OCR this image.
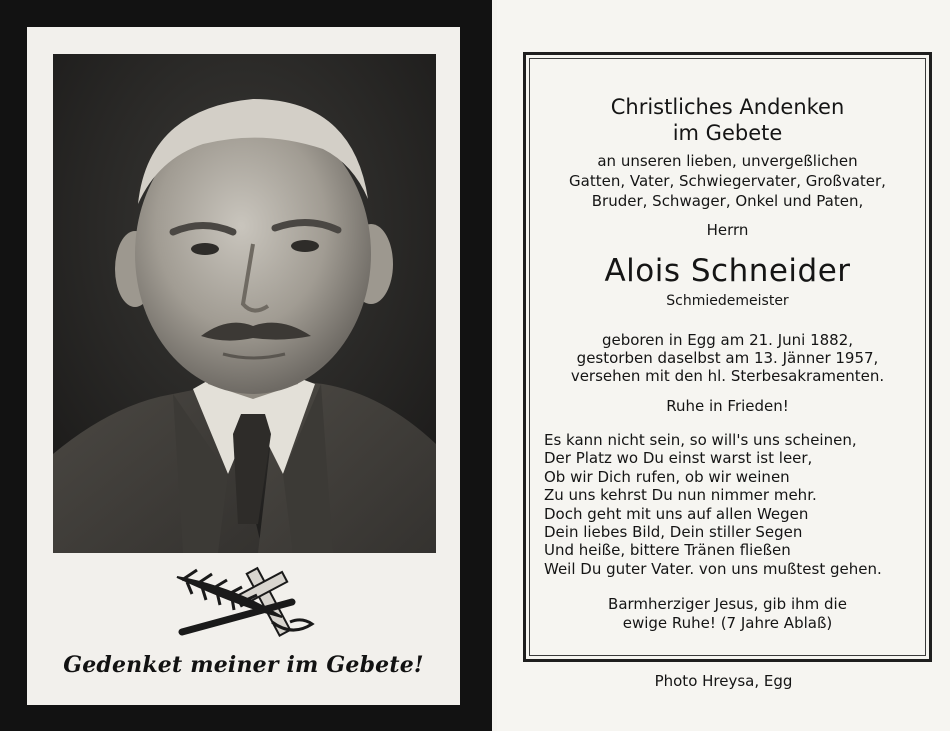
Gedenket meiner im Gebete!
Christliches Andenken
im Gebete
an unseren lieben, unvergeßlichen
Gatten, Vater, Schwiegervater, Großvater,
Bruder, Schwager, Onkel und Paten,
Herrn
Alois Schneider
Schmiedemeister
geboren in Egg am 21. Juni 1882,
gestorben daselbst am 13. Jänner 1957,
versehen mit den hl. Sterbesakramenten.
Ruhe in Frieden!
Es kann nicht sein, so will's uns scheinen,
Der Platz wo Du einst warst ist leer,
Ob wir Dich rufen, ob wir weinen
Zu uns kehrst Du nun nimmer mehr.
Doch geht mit uns auf allen Wegen
Dein liebes Bild, Dein stiller Segen
Und heiße, bittere Tränen fließen
Weil Du guter Vater. von uns mußtest gehen.
Barmherziger Jesus, gib ihm die
ewige Ruhe! (7 Jahre Ablaß)
Photo Hreysa, Egg
